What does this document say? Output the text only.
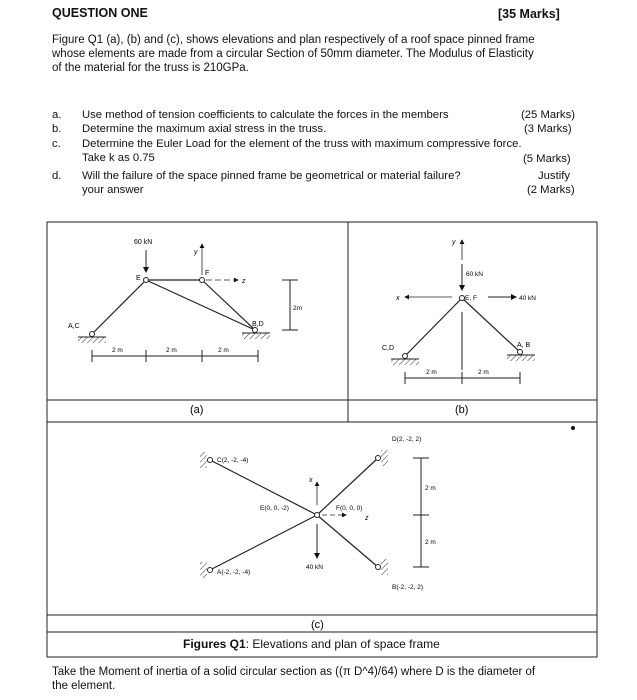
QUESTION ONE	[35 Marks]
Figure Q1 (a), (b) and (c), shows elevations and plan respectively of a roof space pinned frame
whose elements are made from a circular Section of 50mm diameter. The Modulus of Elasticity
of the material for the truss is 210GPa.
a. Use method of tension coefficients to calculate the forces in the members	(25 Marks)
b. Determine the maximum axial stress in the truss.	(3 Marks)
c. Determine the Euler Load for the element of the truss with maximum compressive force.
Take k as 0.75	(5 Marks)
d. Will the failure of the space pinned frame be geometrical or material failure?	Justify
your answer	(2 Marks)
60 kN
E
F
y
z
A,C	B,D
2m
2 m	2 m	2 m
(a)
y
60 kN
x	E, F	40 kN
C,D	A, B
2 m	2 m
(b)
C(2, -2, -4)
D(2, -2, 2)
E(0, 0, -2)	F(0, 0, 0)
A(-2, -2, -4)
B(-2, -2, 2)
x
z
40 kN
2 m
2 m
(c)
Figures Q1: Elevations and plan of space frame
Take the Moment of inertia of a solid circular section as ((π D^4)/64) where D is the diameter of
the element.
